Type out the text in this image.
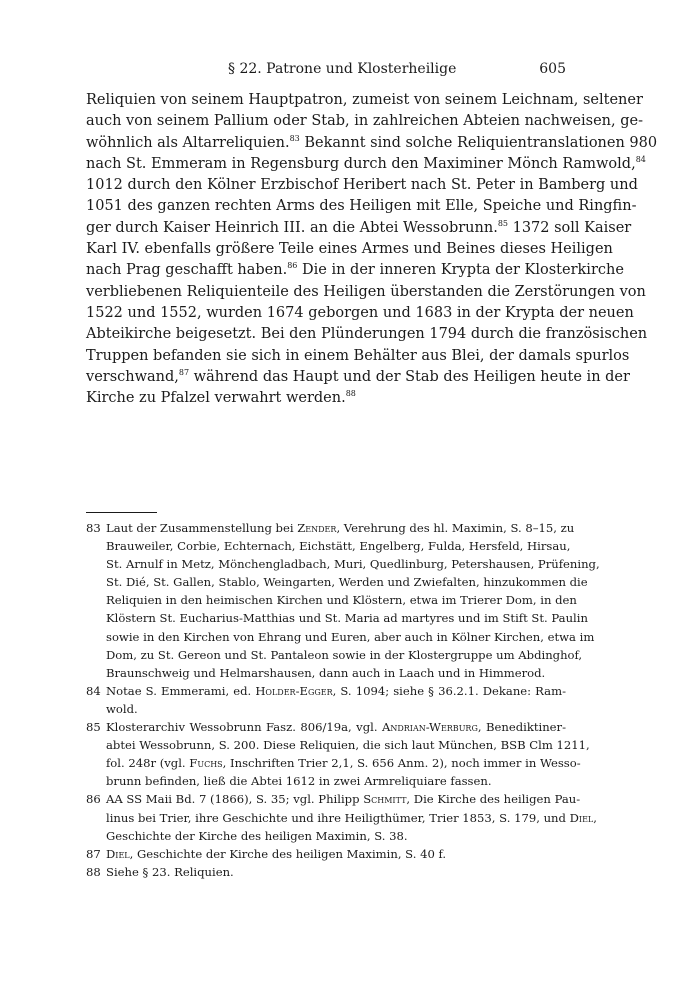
§ 22. Patrone und Klosterheilige	605
Reliquien von seinem Hauptpatron, zumeist von seinem Leichnam, seltener
auch von seinem Pallium oder Stab, in zahlreichen Abteien nachweisen, ge-
wöhnlich als Altarreliquien.$^{83}$ Bekannt sind solche Reliquientranslationen 980
nach St. Emmeram in Regensburg durch den Maximiner Mönch Ramwold,$^{84}$
1012 durch den Kölner Erzbischof Heribert nach St. Peter in Bamberg und
1051 des ganzen rechten Arms des Heiligen mit Elle, Speiche und Ringfin-
ger durch Kaiser Heinrich III. an die Abtei Wessobrunn.$^{85}$ 1372 soll Kaiser
Karl IV. ebenfalls größere Teile eines Armes und Beines dieses Heiligen
nach Prag geschafft haben.$^{86}$ Die in der inneren Krypta der Klosterkirche
verbliebenen Reliquienteile des Heiligen überstanden die Zerstörungen von
1522 und 1552, wurden 1674 geborgen und 1683 in der Krypta der neuen
Abteikirche beigesetzt. Bei den Plünderungen 1794 durch die französischen
Truppen befanden sie sich in einem Behälter aus Blei, der damals spurlos
verschwand,$^{87}$ während das Haupt und der Stab des Heiligen heute in der
Kirche zu Pfalzel verwahrt werden.$^{88}$
83 Laut der Zusammenstellung bei Zender, Verehrung des hl. Maximin, S. 8–15, zu
Brauweiler, Corbie, Echternach, Eichstätt, Engelberg, Fulda, Hersfeld, Hirsau,
St. Arnulf in Metz, Mönchengladbach, Muri, Quedlinburg, Petershausen, Prüfening,
St. Dié, St. Gallen, Stablo, Weingarten, Werden und Zwiefalten, hinzukommen die
Reliquien in den heimischen Kirchen und Klöstern, etwa im Trierer Dom, in den
Klöstern St. Eucharius-Matthias und St. Maria ad martyres und im Stift St. Paulin
sowie in den Kirchen von Ehrang und Euren, aber auch in Kölner Kirchen, etwa im
Dom, zu St. Gereon und St. Pantaleon sowie in der Klostergruppe um Abdinghof,
Braunschweig und Helmarshausen, dann auch in Laach und in Himmerod.
84 Notae S. Emmerami, ed. Holder-Egger, S. 1094; siehe § 36.2.1. Dekane: Ram-
wold.
85 Klosterarchiv Wessobrunn Fasz. 806/19a, vgl. Andrian-Werburg, Benediktiner-
abtei Wessobrunn, S. 200. Diese Reliquien, die sich laut München, BSB Clm 1211,
fol. 248r (vgl. Fuchs, Inschriften Trier 2,1, S. 656 Anm. 2), noch immer in Wesso-
brunn befinden, ließ die Abtei 1612 in zwei Armreliquiare fassen.
86 AA SS Maii Bd. 7 (1866), S. 35; vgl. Philipp Schmitt, Die Kirche des heiligen Pau-
linus bei Trier, ihre Geschichte und ihre Heiligthümer, Trier 1853, S. 179, und Diel,
Geschichte der Kirche des heiligen Maximin, S. 38.
87 Diel, Geschichte der Kirche des heiligen Maximin, S. 40 f.
88 Siehe § 23. Reliquien.
